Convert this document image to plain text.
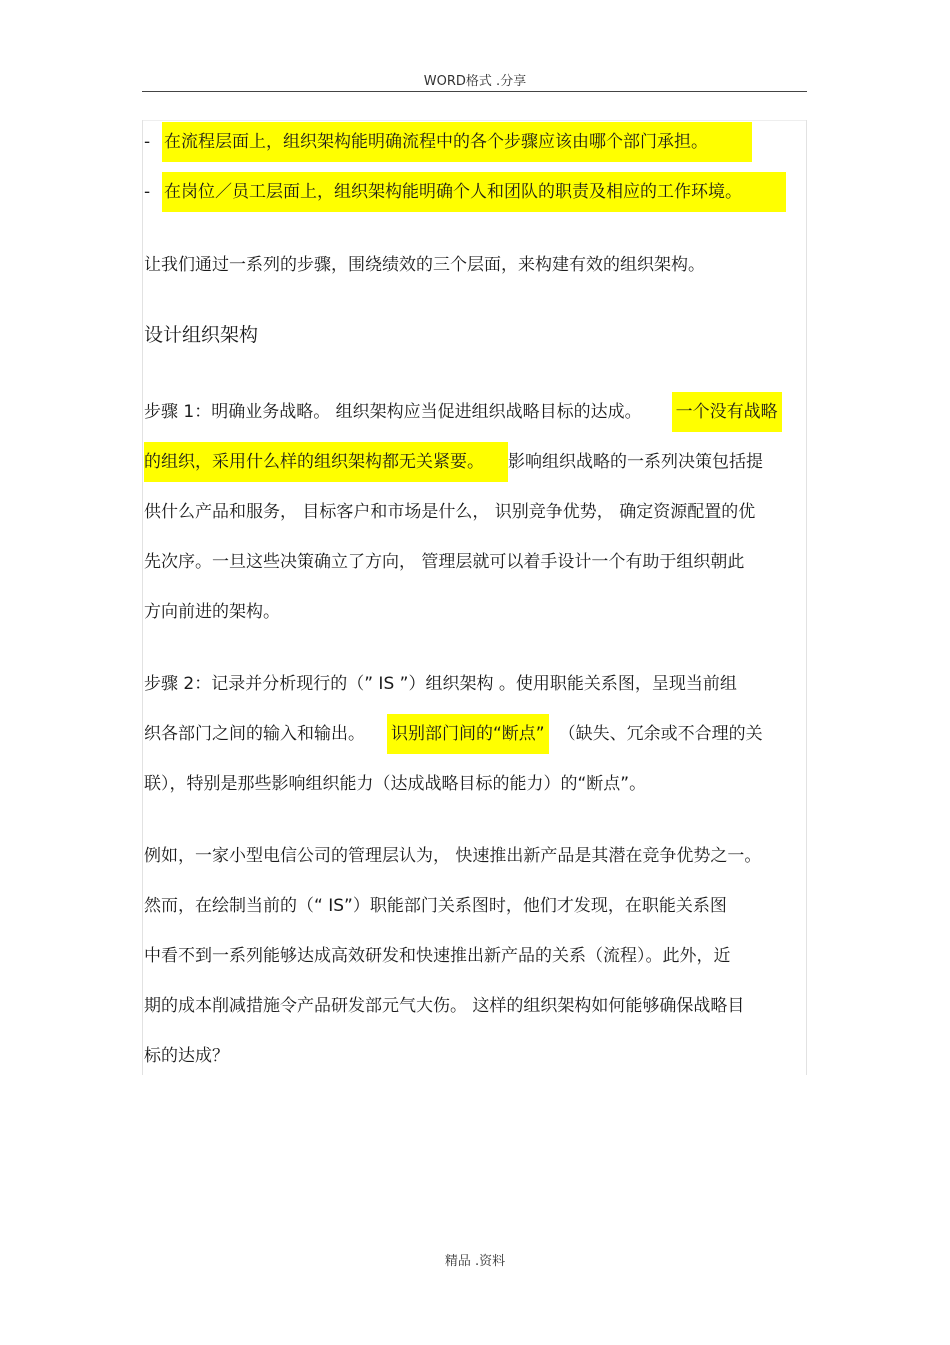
WORD格式 .分享
- 在流程层面上，组织架构能明确流程中的各个步骤应该由哪个部门承担。
- 在岗位／员工层面上，组织架构能明确个人和团队的职责及相应的工作环境。
让我们通过一系列的步骤，围绕绩效的三个层面，来构建有效的组织架构。
设计组织架构

步骤 1：明确业务战略。 组织架构应当促进组织战略目标的达成。 一个没有战略

的组织，采用什么样的组织架构都无关紧要。 影响组织战略的一系列决策包括提

供什么产品和服务， 目标客户和市场是什么， 识别竞争优势， 确定资源配置的优

先次序。一旦这些决策确立了方向， 管理层就可以着手设计一个有助于组织朝此

方向前进的架构。

步骤 2：记录并分析现行的（” IS ”）组织架构 。使用职能关系图，呈现当前组

织各部门之间的输入和输出。 识别部门间的“断点” （缺失、冗余或不合理的关

联），特别是那些影响组织能力（达成战略目标的能力）的“断点”。

例如，一家小型电信公司的管理层认为， 快速推出新产品是其潜在竞争优势之一。

然而，在绘制当前的（“ IS”）职能部门关系图时，他们才发现，在职能关系图

中看不到一系列能够达成高效研发和快速推出新产品的关系（流程）。此外，近

期的成本削减措施令产品研发部元气大伤。 这样的组织架构如何能够确保战略目

标的达成？

精品 .资料
